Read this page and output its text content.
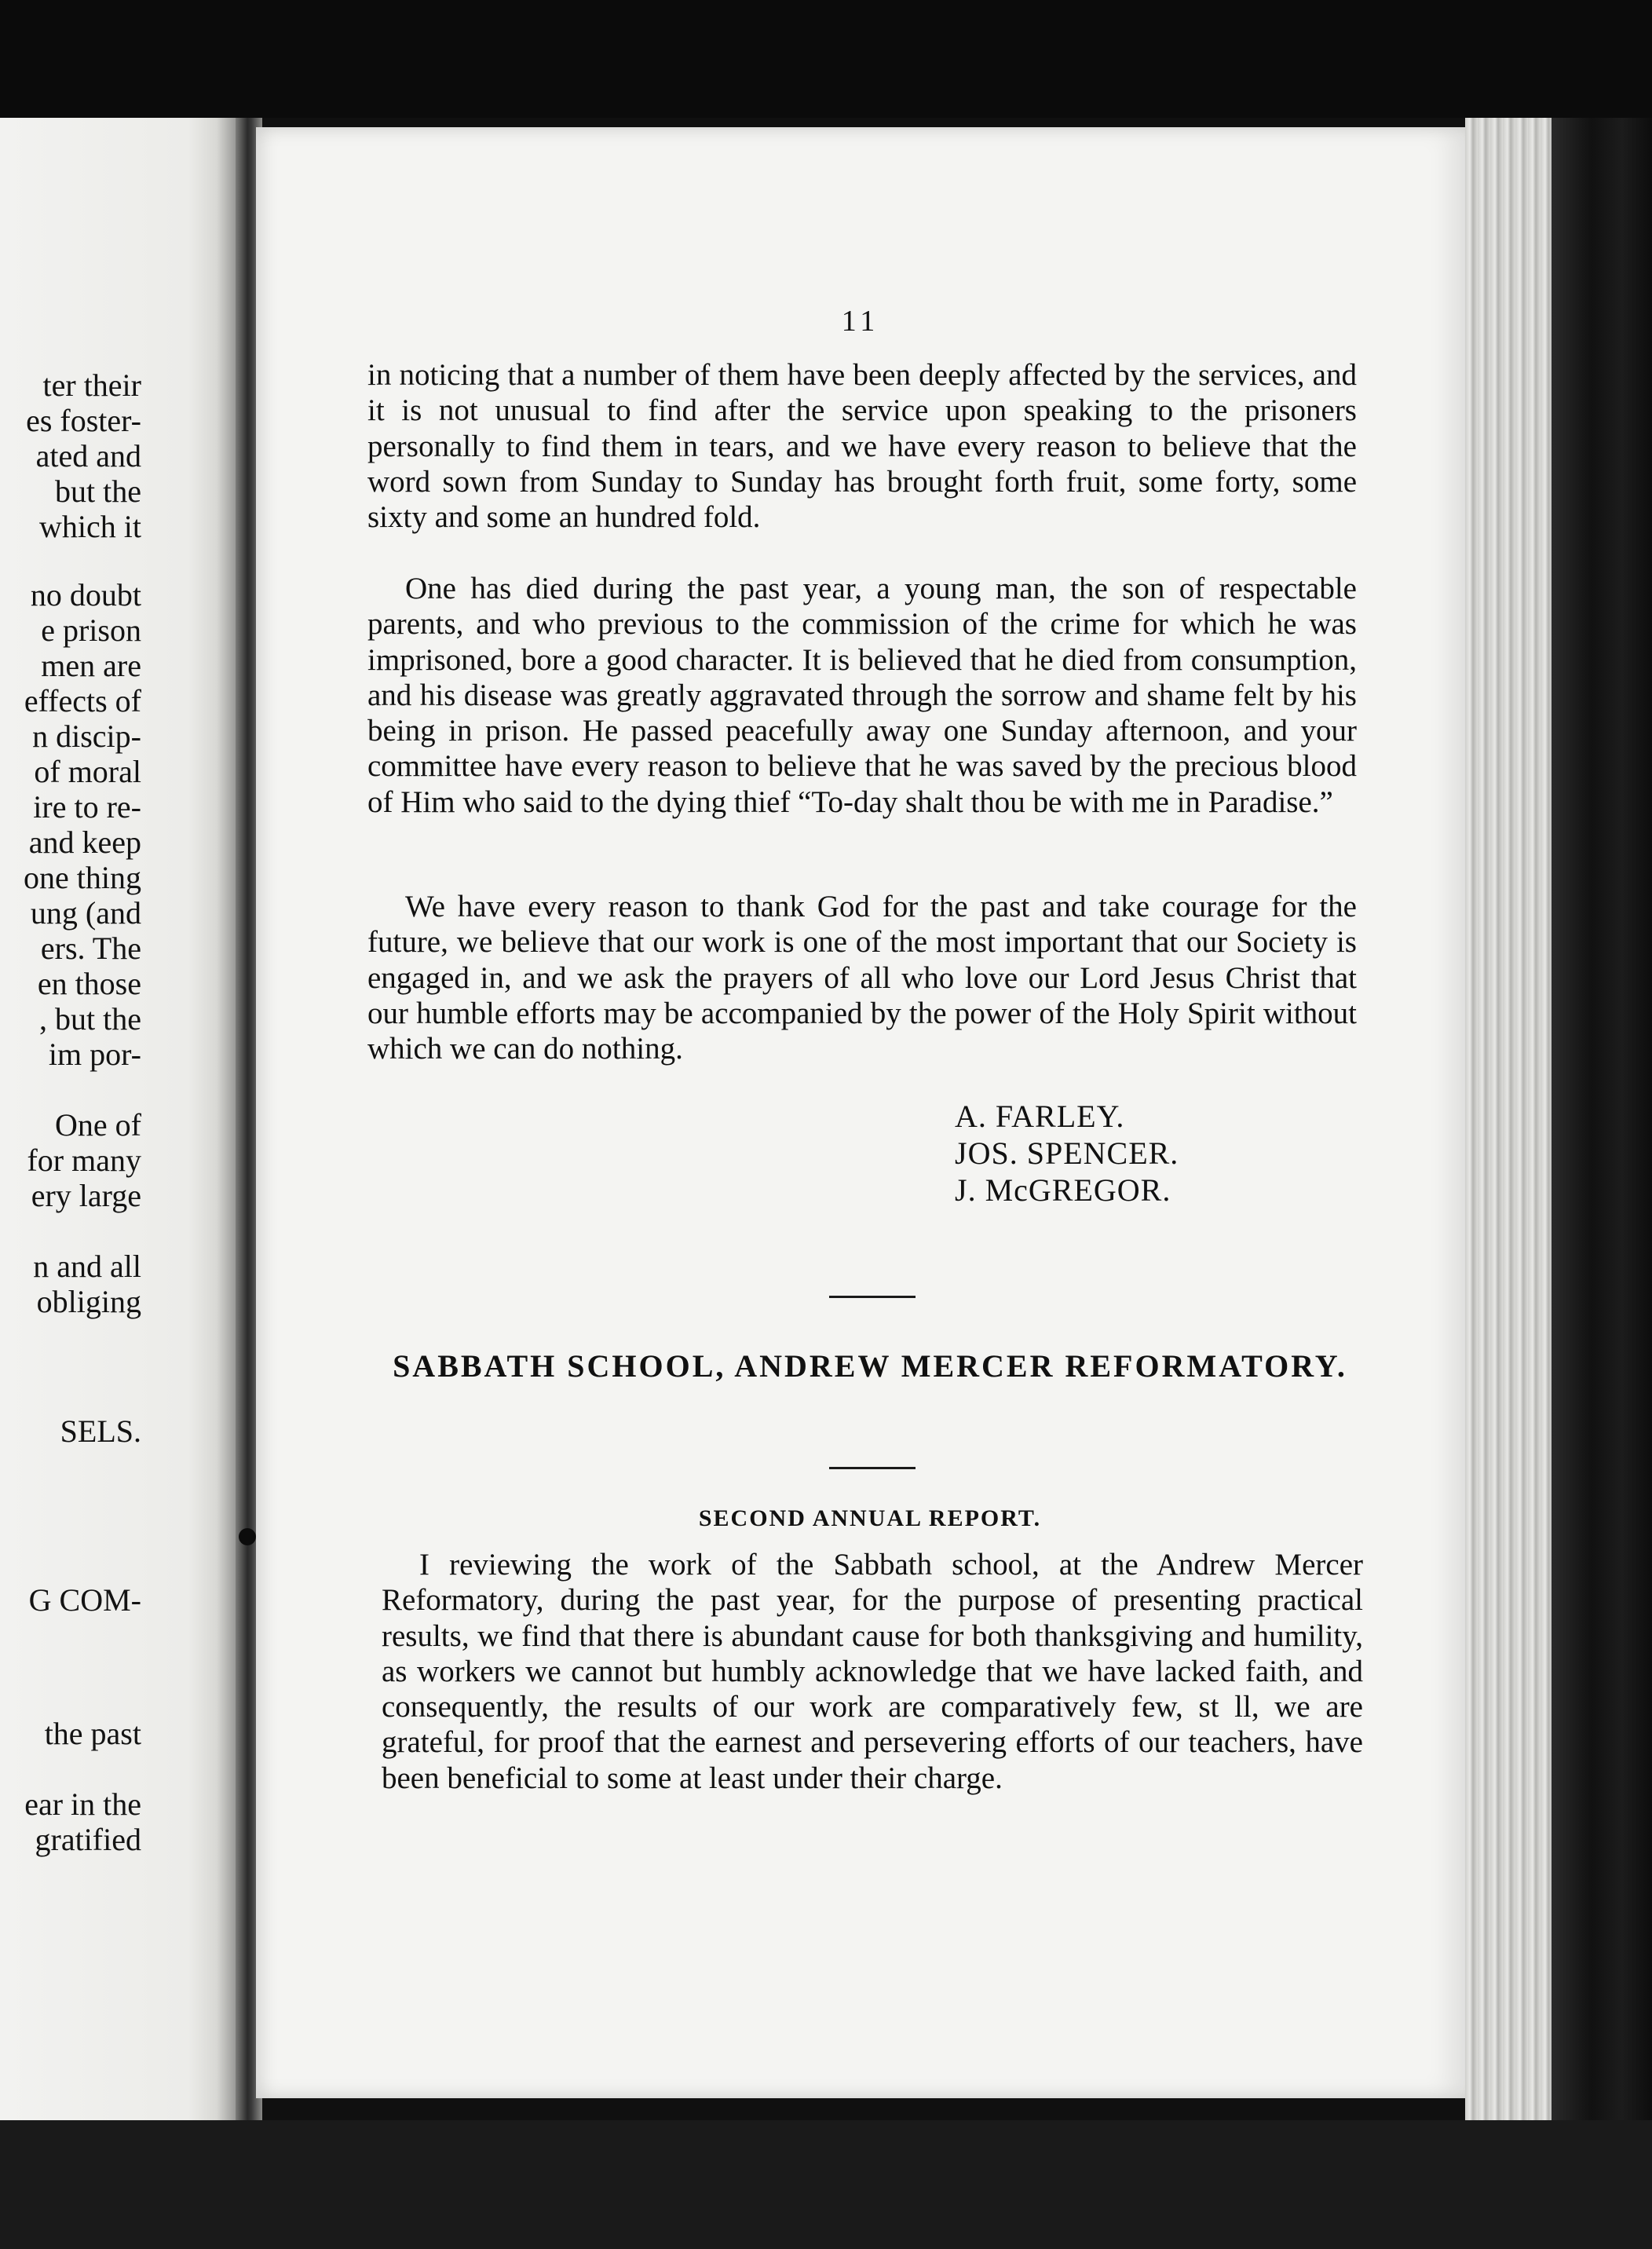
ter their
es foster-
ated and
but the
which it
no doubt
e prison
men are
effects of
n discip-
of moral
ire to re-
and keep
one thing
ung (and
ers. The
en those
, but the
im por-
One of
for many
ery large
n and all
obliging
SELS.
G COM-
the past
ear in the
gratified
11

in noticing that a number of them have been deeply affected by the services, and it is not unusual to find after the service upon speaking to the prisoners personally to find them in tears, and we have every reason to believe that the word sown from Sunday to Sunday has brought forth fruit, some forty, some sixty and some an hundred fold.

One has died during the past year, a young man, the son of respectable parents, and who previous to the commission of the crime for which he was imprisoned, bore a good character. It is believed that he died from consumption, and his disease was greatly aggravated through the sorrow and shame felt by his being in prison. He passed peacefully away one Sunday afternoon, and your committee have every reason to believe that he was saved by the precious blood of Him who said to the dying thief “To-day shalt thou be with me in Paradise.”

We have every reason to thank God for the past and take courage for the future, we believe that our work is one of the most important that our Society is engaged in, and we ask the prayers of all who love our Lord Jesus Christ that our humble efforts may be accompanied by the power of the Holy Spirit without which we can do nothing.

A. FARLEY.
JOS. SPENCER.
J. McGREGOR.
SABBATH SCHOOL, ANDREW MERCER REFORMATORY.
SECOND ANNUAL REPORT.

I reviewing the work of the Sabbath school, at the Andrew Mercer Reformatory, during the past year, for the purpose of presenting practical results, we find that there is abundant cause for both thanksgiving and humility, as workers we cannot but humbly acknowledge that we have lacked faith, and consequently, the results of our work are comparatively few, st ll, we are grateful, for proof that the earnest and persevering efforts of our teachers, have been beneficial to some at least under their charge.
